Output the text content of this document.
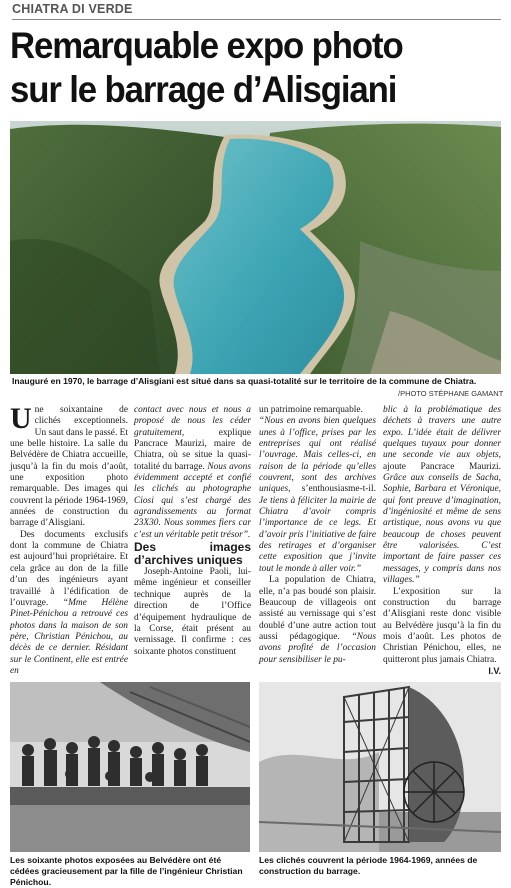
CHIATRA DI VERDE
Remarquable expo photo
sur le barrage d’Alisgiani
Inauguré en 1970, le barrage d’Alisgiani est situé dans sa quasi-totalité sur le territoire de la commune de Chiatra.
/PHOTO STÉPHANE GAMANT

Une soixantaine de clichés exceptionnels. Un saut dans le passé. Et une belle histoire. La salle du Belvédère de Chiatra accueille, jusqu’à la fin du mois d’août, une exposition photo remarquable. Des images qui couvrent la période 1964-1969, années de construction du barrage d’Alisgiani.

Des documents exclusifs dont la commune de Chiatra est aujourd’hui propriétaire. Et cela grâce au don de la fille d’un des ingénieurs ayant travaillé à l’édification de l’ouvrage. “Mme Hélène Pinet-Pénichou a retrouvé ces photos dans la maison de son père, Christian Pénichou, au décès de ce dernier. Résidant sur le Continent, elle est entrée en

contact avec nous et nous a proposé de nous les céder gratuitement, explique Pancrace Maurizi, maire de Chiatra, où se situe la quasi-totalité du barrage. Nous avons évidemment accepté et confié les clichés au photographe Ciosi qui s’est chargé des agrandissements au format 23X30. Nous sommes fiers car c’est un véritable petit trésor”.

Des images d’archives uniques

Joseph-Antoine Paoli, lui-même ingénieur et conseiller technique auprès de la direction de l’Office d’équipement hydraulique de la Corse, était présent au vernissage. Il confirme : ces soixante photos constituent

un patrimoine remarquable.

“Nous en avons bien quelques unes à l’office, prises par les entreprises qui ont réalisé l’ouvrage. Mais celles-ci, en raison de la période qu’elles couvrent, sont des archives uniques, s’enthousiasme-t-il. Je tiens à féliciter la mairie de Chiatra d’avoir compris l’importance de ce legs. Et d’avoir pris l’initiative de faire des retirages et d’organiser cette exposition que j’invite tout le monde à aller voir.”

La population de Chiatra, elle, n’a pas boudé son plaisir. Beaucoup de villageois ont assisté au vernissage qui s’est doublé d’une autre action tout aussi pédagogique. “Nous avons profité de l’occasion pour sensibiliser le pu-

blic à la problématique des déchets à travers une autre expo. L’idée était de délivrer quelques tuyaux pour donner une seconde vie aux objets, ajoute Pancrace Maurizi. Grâce aux conseils de Sacha, Sophie, Barbara et Véronique, qui font preuve d’imagination, d’ingéniosité et même de sens artistique, nous avons vu que beaucoup de choses peuvent être valorisées. C’est important de faire passer ces messages, y compris dans nos villages.”

L’exposition sur la construction du barrage d’Alisgiani reste donc visible au Belvédère jusqu’à la fin du mois d’août. Les photos de Christian Pénichou, elles, ne quitteront plus jamais Chiatra.
I.V.

Les soixante photos exposées au Belvédère ont été cédées gracieusement par la fille de l’ingénieur Christian Pénichou.
Les clichés couvrent la période 1964-1969, années de construction du barrage.
